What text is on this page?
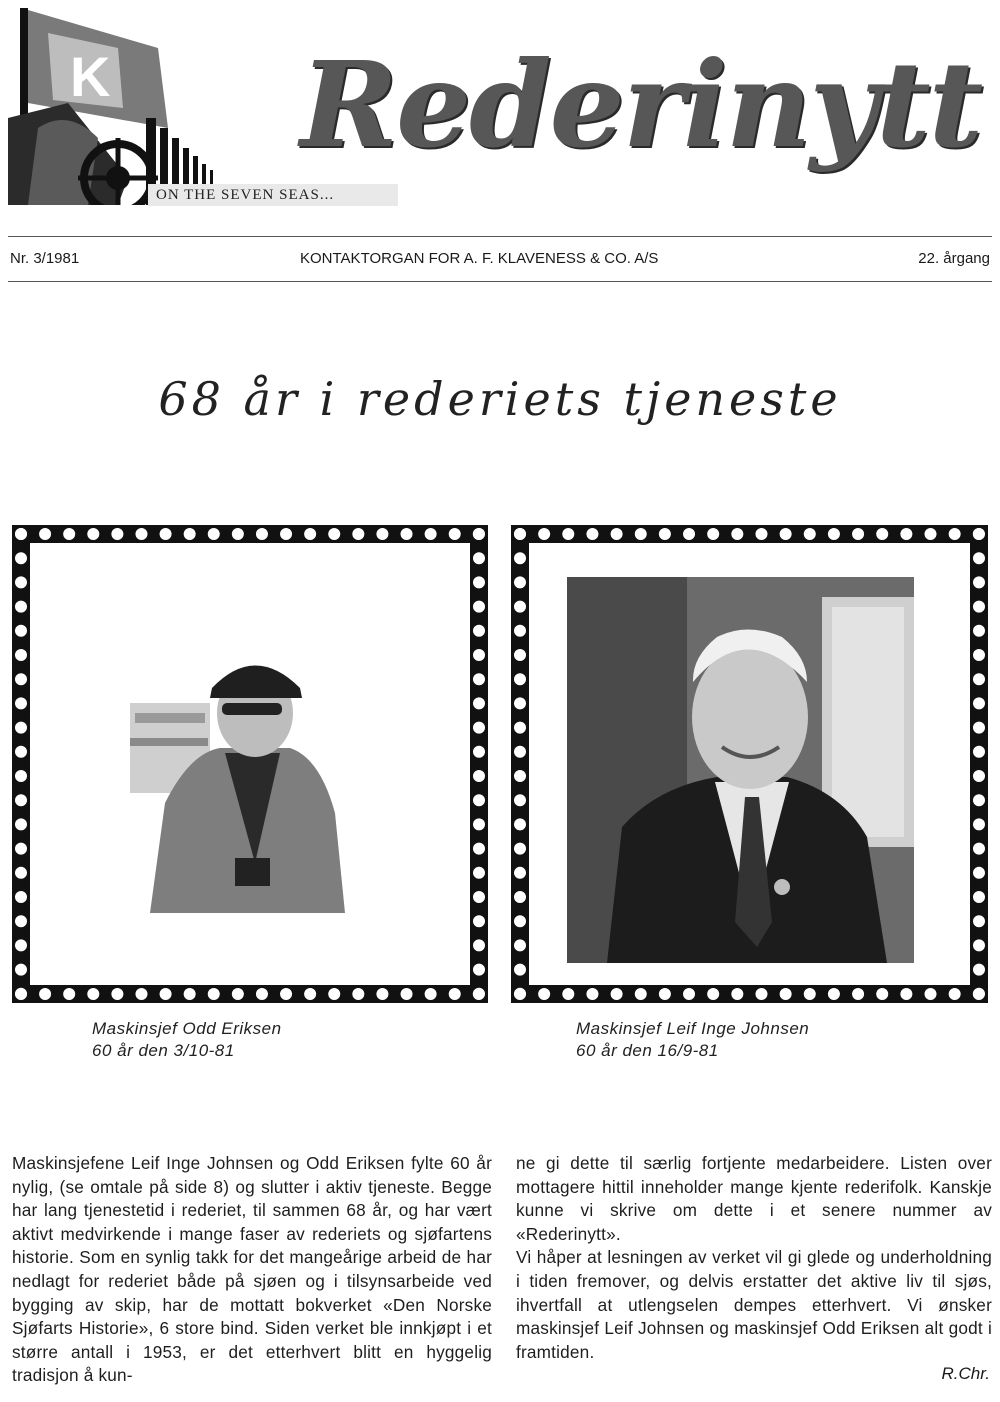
K
ON THE SEVEN SEAS...
Rederinytt
Nr. 3/1981	KONTAKTORGAN FOR A. F. KLAVENESS & CO. A/S	22. årgang
68 år i rederiets tjeneste
Maskinsjef Odd Eriksen
60 år den 3/10-81
Maskinsjef Leif Inge Johnsen
60 år den 16/9-81

Maskinsjefene Leif Inge Johnsen og Odd Eriksen fylte 60 år nylig, (se omtale på side 8) og slutter i aktiv tjeneste. Begge har lang tjenestetid i rederiet, til sammen 68 år, og har vært aktivt medvirkende i mange faser av rederiets og sjøfartens historie. Som en synlig takk for det mangeårige arbeid de har nedlagt for rederiet både på sjøen og i tilsynsarbeide ved bygging av skip, har de mottatt bokverket «Den Norske Sjøfarts Historie», 6 store bind. Siden verket ble innkjøpt i et større antall i 1953, er det etterhvert blitt en hyggelig tradisjon å kun-

ne gi dette til særlig fortjente medarbeidere. Listen over mottagere hittil inneholder mange kjente rederifolk. Kanskje kunne vi skrive om dette i et senere nummer av «Rederinytt».

Vi håper at lesningen av verket vil gi glede og underholdning i tiden fremover, og delvis erstatter det aktive liv til sjøs, ihvertfall at utlengselen dempes etterhvert. Vi ønsker maskinsjef Leif Johnsen og maskinsjef Odd Eriksen alt godt i framtiden.

R.Chr.
